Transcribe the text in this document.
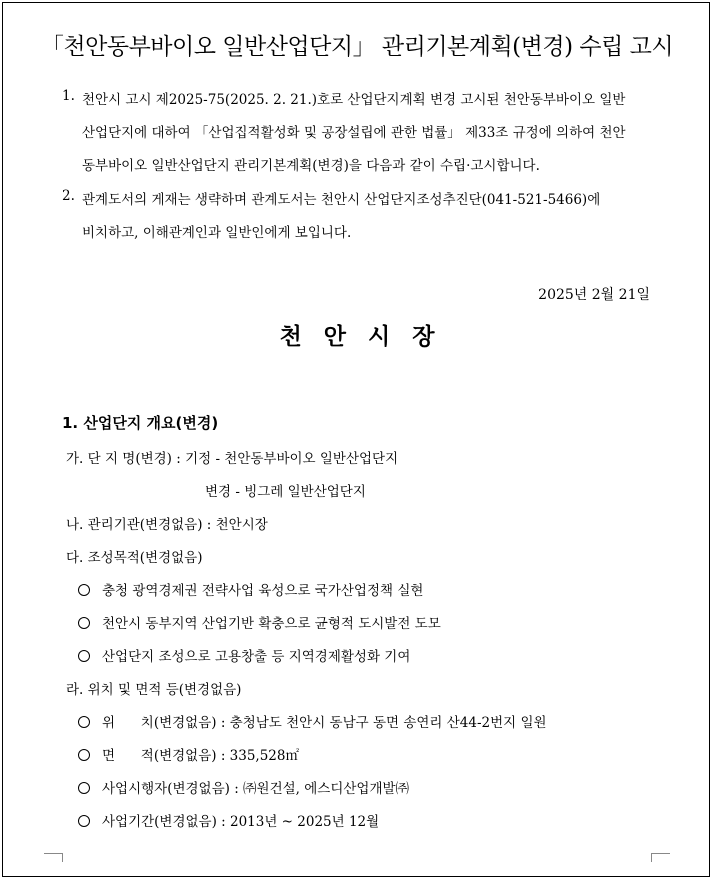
「천안동부바이오 일반산업단지」 관리기본계획(변경) 수립 고시
1. 천안시 고시 제2025-75(2025. 2. 21.)호로 산업단지계획 변경 고시된 천안동부바이오 일반
산업단지에 대하여 「산업집적활성화 및 공장설립에 관한 법률」 제33조 규정에 의하여 천안
동부바이오 일반산업단지 관리기본계획(변경)을 다음과 같이 수립·고시합니다.
2. 관계도서의 게재는 생략하며 관계도서는 천안시 산업단지조성추진단(041-521-5466)에
비치하고, 이해관계인과 일반인에게 보입니다.
2025년 2월 21일
천안시장
1. 산업단지 개요(변경)
가. 단 지 명(변경) : 기정 - 천안동부바이오 일반산업단지
변경 - 빙그레 일반산업단지
나. 관리기관(변경없음) : 천안시장
다. 조성목적(변경없음)
충청 광역경제권 전략사업 육성으로 국가산업정책 실현
천안시 동부지역 산업기반 확충으로 균형적 도시발전 도모
산업단지 조성으로 고용창출 등 지역경제활성화 기여
라. 위치 및 면적 등(변경없음)
위      치(변경없음) : 충청남도 천안시 동남구 동면 송연리 산44-2번지 일원
면      적(변경없음) : 335,528㎡
사업시행자(변경없음) : ㈜원건설, 에스디산업개발㈜
사업기간(변경없음) : 2013년 ~ 2025년 12월
